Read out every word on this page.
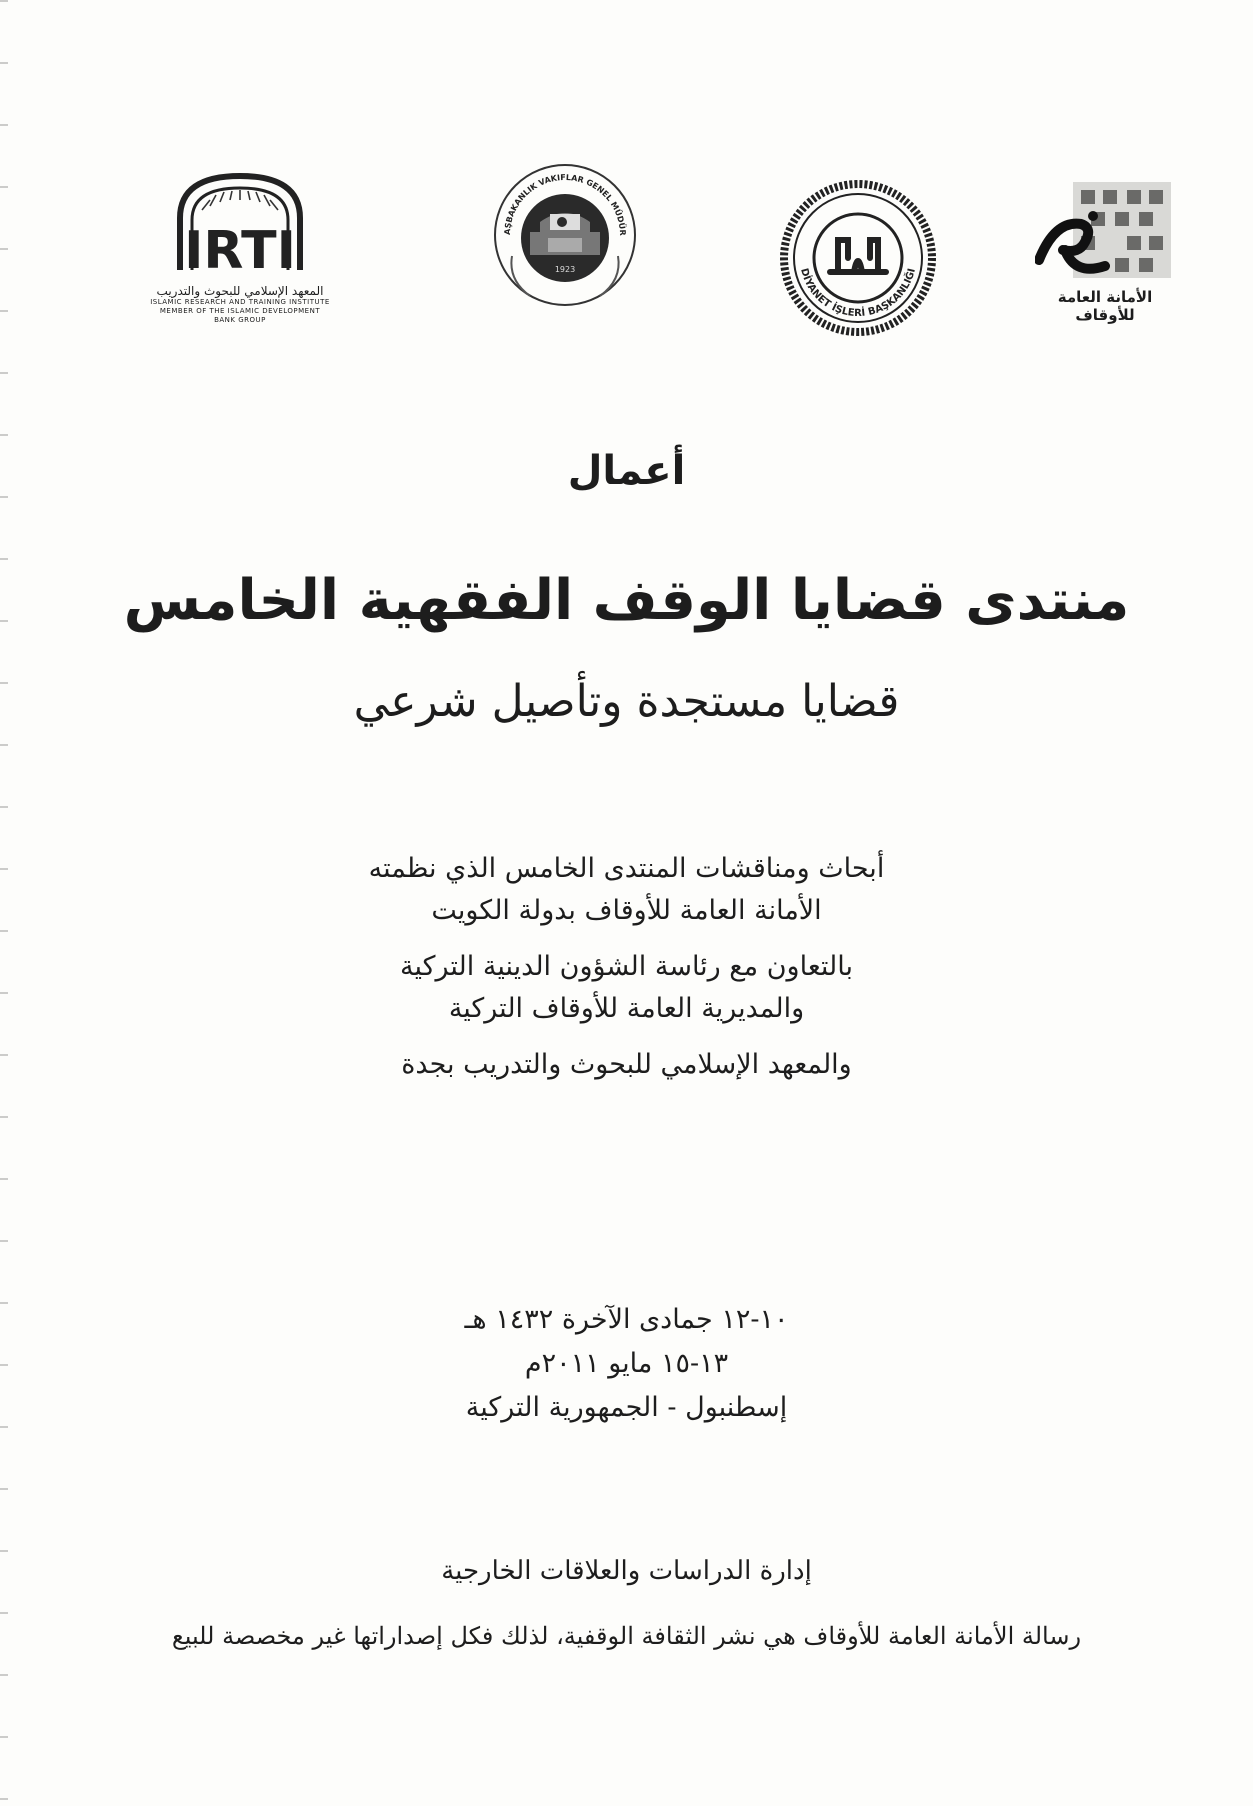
IRTI
المعهد الإسلامي للبحوث والتدريب
ISLAMIC RESEARCH AND TRAINING INSTITUTE
MEMBER OF THE ISLAMIC DEVELOPMENT BANK GROUP
1923
AŞBAKANLIK VAKIFLAR GENEL MÜDÜR
DİYANET İŞLERİ BAŞKANLIĞI
الأمانة العامة للأوقاف
أعمال
منتدى قضايا الوقف الفقهية الخامس
قضايا مستجدة وتأصيل شرعي
أبحاث ومناقشات المنتدى الخامس الذي نظمته
الأمانة العامة للأوقاف بدولة الكويت
بالتعاون مع رئاسة الشؤون الدينية التركية
والمديرية العامة للأوقاف التركية
والمعهد الإسلامي للبحوث والتدريب بجدة
١٠-١٢ جمادى الآخرة ١٤٣٢ هـ
١٣-١٥ مايو ٢٠١١م
إسطنبول - الجمهورية التركية
إدارة الدراسات والعلاقات الخارجية
رسالة الأمانة العامة للأوقاف هي نشر الثقافة الوقفية، لذلك فكل إصداراتها غير مخصصة للبيع
